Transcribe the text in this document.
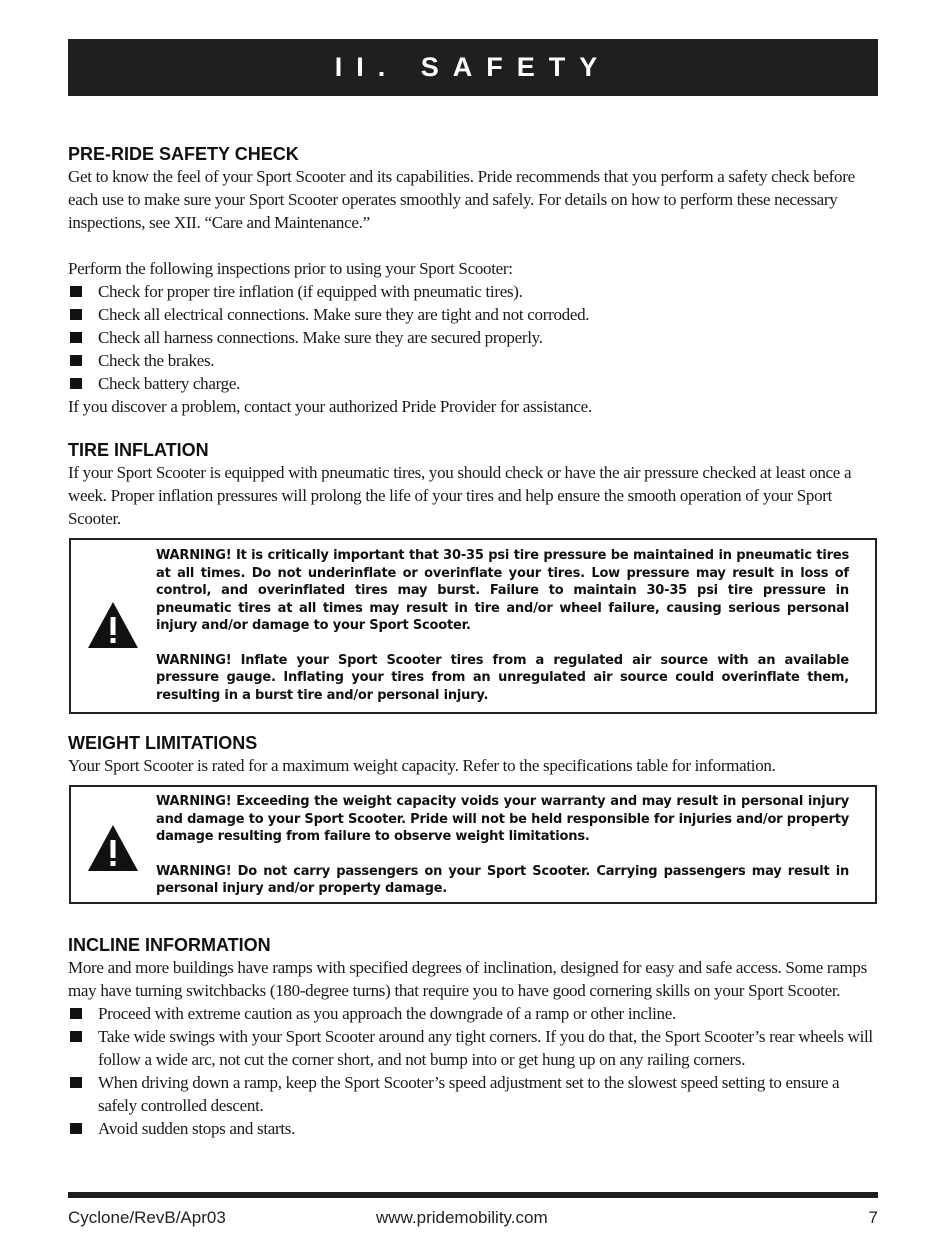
II. SAFETY
PRE-RIDE SAFETY CHECK

Get to know the feel of your Sport Scooter and its capabilities. Pride recommends that you perform a safety check before each use to make sure your Sport Scooter operates smoothly and safely. For details on how to perform these necessary inspections, see XII. “Care and Maintenance.”

Perform the following inspections prior to using your Sport Scooter:

Check for proper tire inflation (if equipped with pneumatic tires).
Check all electrical connections. Make sure they are tight and not corroded.
Check all harness connections. Make sure they are secured properly.
Check the brakes.
Check battery charge.

If you discover a problem, contact your authorized Pride Provider for assistance.

TIRE INFLATION

If your Sport Scooter is equipped with pneumatic tires, you should check or have the air pressure checked at least once a week. Proper inflation pressures will prolong the life of your tires and help ensure the smooth operation of your Sport Scooter.

WARNING! It is critically important that 30-35 psi tire pressure be maintained in pneumatic tires at all times. Do not underinflate or overinflate your tires. Low pressure may result in loss of control, and overinflated tires may burst. Failure to maintain 30-35 psi tire pressure in pneumatic tires at all times may result in tire and/or wheel failure, causing serious personal injury and/or damage to your Sport Scooter.
WARNING! Inflate your Sport Scooter tires from a regulated air source with an available pressure gauge. Inflating your tires from an unregulated air source could overinflate them, resulting in a burst tire and/or personal injury.
WEIGHT LIMITATIONS

Your Sport Scooter is rated for a maximum weight capacity. Refer to the specifications table for information.

WARNING! Exceeding the weight capacity voids your warranty and may result in personal injury and damage to your Sport Scooter. Pride will not be held responsible for injuries and/or property damage resulting from failure to observe weight limitations.
WARNING! Do not carry passengers on your Sport Scooter. Carrying passengers may result in personal injury and/or property damage.
INCLINE INFORMATION

More and more buildings have ramps with specified degrees of inclination, designed for easy and safe access. Some ramps may have turning switchbacks (180-degree turns) that require you to have good cornering skills on your Sport Scooter.

Proceed with extreme caution as you approach the downgrade of a ramp or other incline.
Take wide swings with your Sport Scooter around any tight corners. If you do that, the Sport Scooter’s rear wheels will follow a wide arc, not cut the corner short, and not bump into or get hung up on any railing corners.
When driving down a ramp, keep the Sport Scooter’s speed adjustment set to the slowest speed setting to ensure a safely controlled descent.
Avoid sudden stops and starts.
Cyclone/RevB/Apr03	www.pridemobility.com	7
